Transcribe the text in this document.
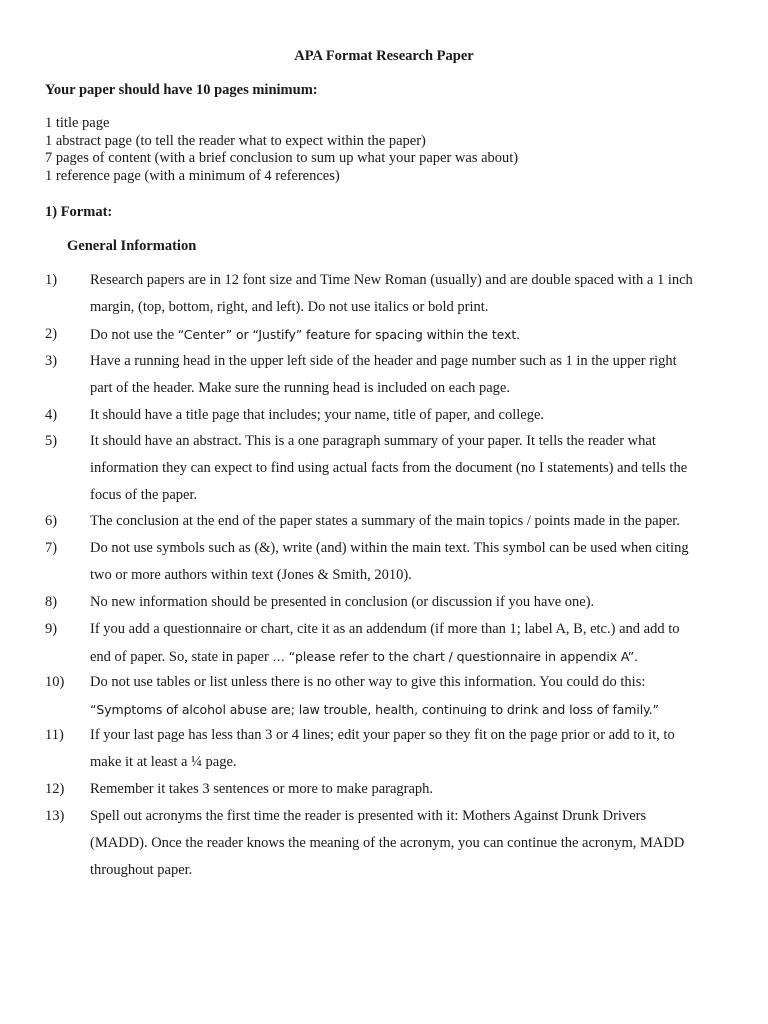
APA Format Research Paper
Your paper should have 10 pages minimum:
1 title page
1 abstract page (to tell the reader what to expect within the paper)
7 pages of content (with a brief conclusion to sum up what your paper was about)
1 reference page (with a minimum of 4 references)
1) Format:
General Information
1) Research papers are in 12 font size and Time New Roman (usually) and are double spaced with a 1 inch
margin, (top, bottom, right, and left). Do not use italics or bold print.
2) Do not use the “Center” or “Justify” feature for spacing within the text.
3) Have a running head in the upper left side of the header and page number such as 1 in the upper right
part of the header. Make sure the running head is included on each page.
4) It should have a title page that includes; your name, title of paper, and college.
5) It should have an abstract. This is a one paragraph summary of your paper. It tells the reader what
information they can expect to find using actual facts from the document (no I statements) and tells the
focus of the paper.
6) The conclusion at the end of the paper states a summary of the main topics / points made in the paper.
7) Do not use symbols such as (&), write (and) within the main text. This symbol can be used when citing
two or more authors within text (Jones & Smith, 2010).
8) No new information should be presented in conclusion (or discussion if you have one).
9) If you add a questionnaire or chart, cite it as an addendum (if more than 1; label A, B, etc.) and add to
end of paper. So, state in paper … “please refer to the chart / questionnaire in appendix A”.
10) Do not use tables or list unless there is no other way to give this information. You could do this:
“Symptoms of alcohol abuse are; law trouble, health, continuing to drink and loss of family.”
11) If your last page has less than 3 or 4 lines; edit your paper so they fit on the page prior or add to it, to
make it at least a ¼ page.
12) Remember it takes 3 sentences or more to make paragraph.
13) Spell out acronyms the first time the reader is presented with it: Mothers Against Drunk Drivers
(MADD). Once the reader knows the meaning of the acronym, you can continue the acronym, MADD
throughout paper.
